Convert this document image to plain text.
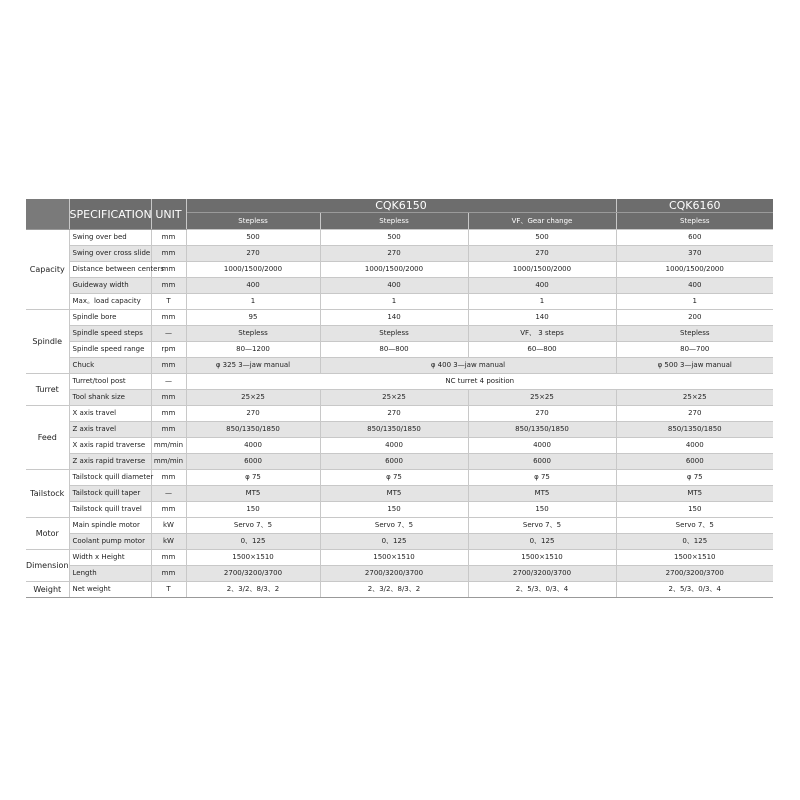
	SPECIFICATION	UNIT	CQK6150			CQK6160
			Stepless	Stepless	VF、Gear change	Stepless
Capacity	Swing over bed	mm	500	500	500	600
	Swing over cross slide	mm	270	270	270	370
	Distance between centers	mm	1000/1500/2000	1000/1500/2000	1000/1500/2000	1000/1500/2000
	Guideway width	mm	400	400	400	400
	Max。load capacity	T	1	1	1	1
Spindle	Spindle bore	mm	95	140	140	200
	Spindle speed steps	—	Stepless	Stepless	VF、 3 steps	Stepless
	Spindle speed range	rpm	80—1200	80—800	60—800	80—700
	Chuck	mm	φ 325 3—jaw manual	φ 400 3—jaw manual		φ 500 3—jaw manual
Turret	Turret/tool post	—	NC turret 4 position			
	Tool shank size	mm	25×25	25×25	25×25	25×25
Feed	X axis travel	mm	270	270	270	270
	Z axis travel	mm	850/1350/1850	850/1350/1850	850/1350/1850	850/1350/1850
	X axis rapid traverse	mm/min	4000	4000	4000	4000
	Z axis rapid traverse	mm/min	6000	6000	6000	6000
Tailstock	Tailstock quill diameter	mm	φ 75	φ 75	φ 75	φ 75
	Tailstock quill taper	—	MT5	MT5	MT5	MT5
	Tailstock quill travel	mm	150	150	150	150
Motor	Main spindle motor	kW	Servo 7、5	Servo 7、5	Servo 7、5	Servo 7、5
	Coolant pump motor	kW	0、125	0、125	0、125	0、125
Dimension	Width x Height	mm	1500×1510	1500×1510	1500×1510	1500×1510
	Length	mm	2700/3200/3700	2700/3200/3700	2700/3200/3700	2700/3200/3700
Weight	Net weight	T	2、3/2、8/3、2	2、3/2、8/3、2	2、5/3、0/3、4	2、5/3、0/3、4
